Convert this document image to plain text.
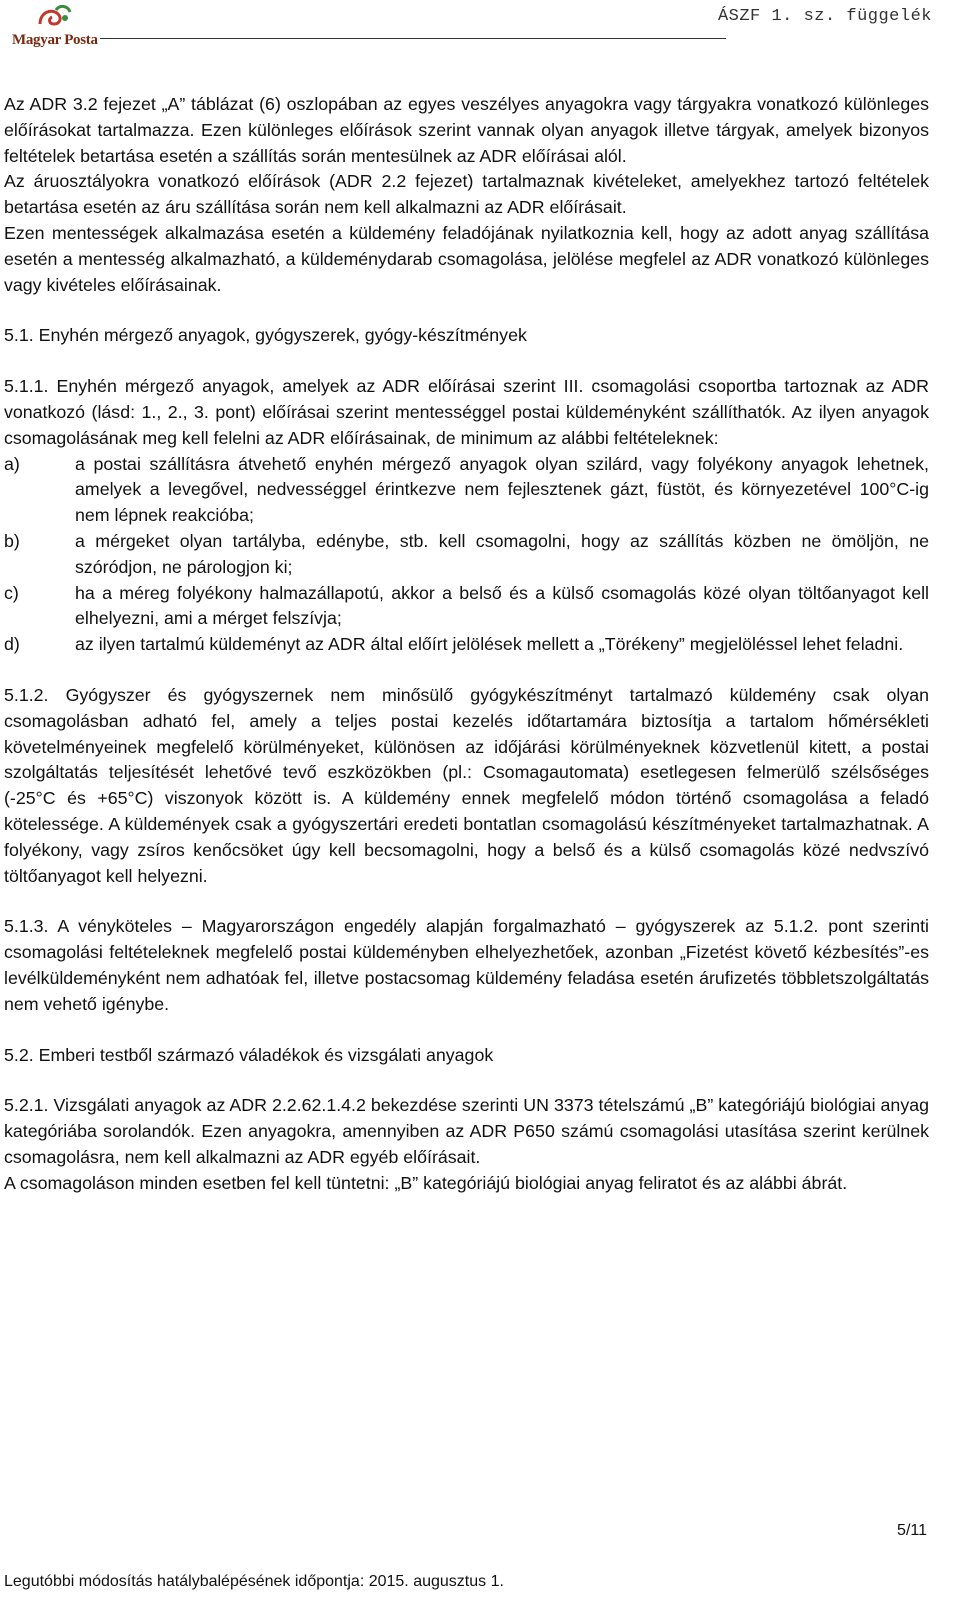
Magyar Posta
ÁSZF 1. sz. függelék

Az ADR 3.2 fejezet „A” táblázat (6) oszlopában az egyes veszélyes anyagokra vagy tárgyakra vonatkozó különleges előírásokat tartalmazza. Ezen különleges előírások szerint vannak olyan anyagok illetve tárgyak, amelyek bizonyos feltételek betartása esetén a szállítás során mentesülnek az ADR előírásai alól.

Az áruosztályokra vonatkozó előírások (ADR 2.2 fejezet) tartalmaznak kivételeket, amelyekhez tartozó feltételek betartása esetén az áru szállítása során nem kell alkalmazni az ADR előírásait.

Ezen mentességek alkalmazása esetén a küldemény feladójának nyilatkoznia kell, hogy az adott anyag szállítása esetén a mentesség alkalmazható, a küldeménydarab csomagolása, jelölése megfelel az ADR vonatkozó különleges vagy kivételes előírásainak.

5.1. Enyhén mérgező anyagok, gyógyszerek, gyógy-készítmények

5.1.1. Enyhén mérgező anyagok, amelyek az ADR előírásai szerint III. csomagolási csoportba tartoznak az ADR vonatkozó (lásd: 1., 2., 3. pont) előírásai szerint mentességgel postai küldeményként szállíthatók. Az ilyen anyagok csomagolásának meg kell felelni az ADR előírásainak, de minimum az alábbi feltételeknek:

a)	a postai szállításra átvehető enyhén mérgező anyagok olyan szilárd, vagy folyékony anyagok lehetnek, amelyek a levegővel, nedvességgel érintkezve nem fejlesztenek gázt, füstöt, és környezetével 100°C-ig nem lépnek reakcióba;
b)	a mérgeket olyan tartályba, edénybe, stb. kell csomagolni, hogy az szállítás közben ne ömöljön, ne szóródjon, ne párologjon ki;
c)	ha a méreg folyékony halmazállapotú, akkor a belső és a külső csomagolás közé olyan töltőanyagot kell elhelyezni, ami a mérget felszívja;
d)	az ilyen tartalmú küldeményt az ADR által előírt jelölések mellett a „Törékeny” megjelöléssel lehet feladni.

5.1.2. Gyógyszer és gyógyszernek nem minősülő gyógykészítményt tartalmazó küldemény csak olyan csomagolásban adható fel, amely a teljes postai kezelés időtartamára biztosítja a tartalom hőmérsékleti követelményeinek megfelelő körülményeket, különösen az időjárási körülményeknek közvetlenül kitett, a postai szolgáltatás teljesítését lehetővé tevő eszközökben (pl.: Csomagautomata) esetlegesen felmerülő szélsőséges (-25°C és +65°C) viszonyok között is. A küldemény ennek megfelelő módon történő csomagolása a feladó kötelessége. A küldemények csak a gyógyszertári eredeti bontatlan csomagolású készítményeket tartalmazhatnak. A folyékony, vagy zsíros kenőcsöket úgy kell becsomagolni, hogy a belső és a külső csomagolás közé nedvszívó töltőanyagot kell helyezni.

5.1.3. A vényköteles – Magyarországon engedély alapján forgalmazható – gyógyszerek az 5.1.2. pont szerinti csomagolási feltételeknek megfelelő postai küldeményben elhelyezhetőek, azonban „Fizetést követő kézbesítés”-es levélküldeményként nem adhatóak fel, illetve postacsomag küldemény feladása esetén árufizetés többletszolgáltatás nem vehető igénybe.

5.2. Emberi testből származó váladékok és vizsgálati anyagok

5.2.1. Vizsgálati anyagok az ADR 2.2.62.1.4.2 bekezdése szerinti UN 3373 tételszámú „B” kategóriájú biológiai anyag kategóriába sorolandók. Ezen anyagokra, amennyiben az ADR P650 számú csomagolási utasítása szerint kerülnek csomagolásra, nem kell alkalmazni az ADR egyéb előírásait.

A csomagoláson minden esetben fel kell tüntetni: „B” kategóriájú biológiai anyag feliratot és az alábbi ábrát.

5/11
Legutóbbi módosítás hatálybalépésének időpontja: 2015. augusztus 1.
